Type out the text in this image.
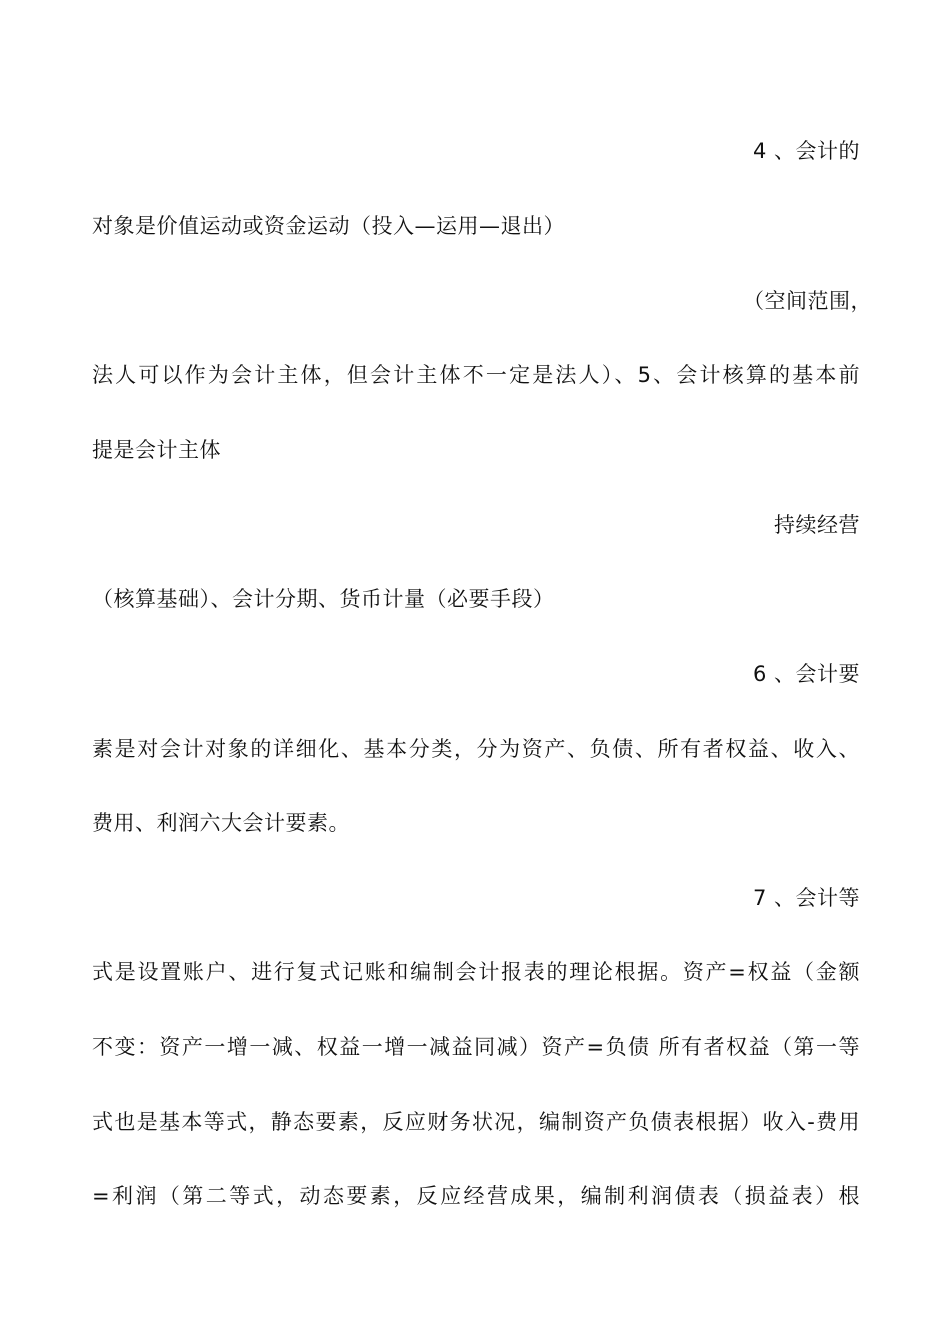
4 、会计的
对象是价值运动或资金运动（投入—运用—退出）
（空间范围，
法人可以作为会计主体，但会计主体不一定是法人）、5、会计核算的基本前
提是会计主体
持续经营
（核算基础）、会计分期、货币计量（必要手段）
6 、会计要
素是对会计对象的详细化、基本分类，分为资产、负债、所有者权益、收入、
费用、利润六大会计要素。
7 、会计等
式是设置账户、进行复式记账和编制会计报表的理论根据。资产=权益（金额
不变：资产一增一减、权益一增一减益同减）资产=负债 所有者权益（第一等
式也是基本等式，静态要素，反应财务状况，编制资产负债表根据）收入-费用
=利润（第二等式，动态要素，反应经营成果，编制利润债表（损益表）根
